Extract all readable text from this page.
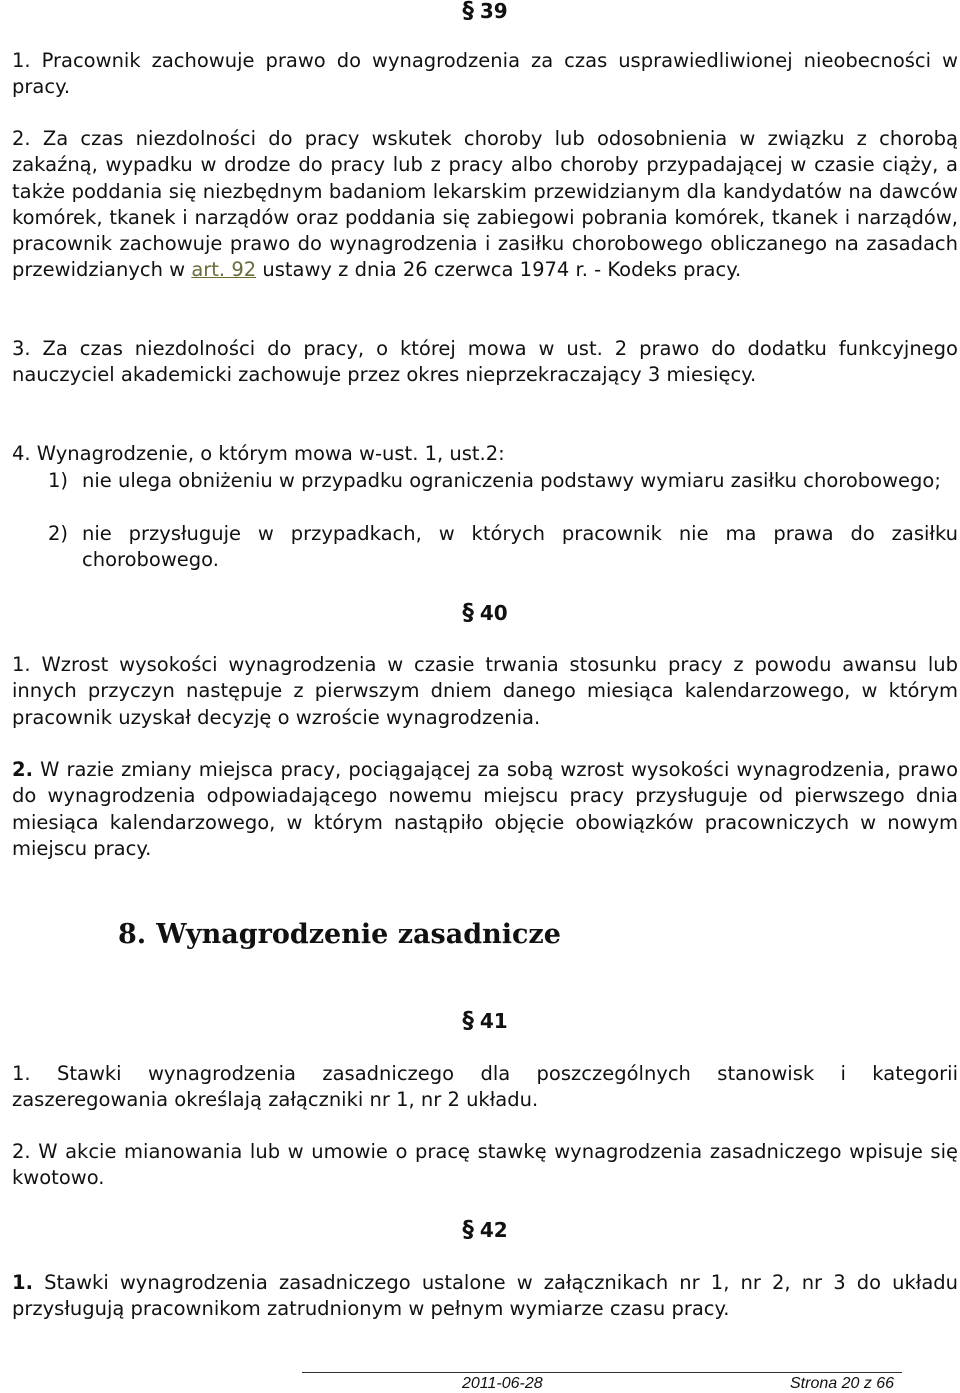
§ 39
1. Pracownik zachowuje prawo do wynagrodzenia za czas usprawiedliwionej nieobecności w pracy.
2. Za czas niezdolności do pracy wskutek choroby lub odosobnienia w związku z chorobą zakaźną, wypadku w drodze do pracy lub z pracy albo choroby przypadającej w czasie ciąży, a także poddania się niezbędnym badaniom lekarskim przewidzianym dla kandydatów na dawców komórek, tkanek i narządów oraz poddania się zabiegowi pobrania komórek, tkanek i narządów, pracownik zachowuje prawo do wynagrodzenia i zasiłku chorobowego obliczanego na zasadach przewidzianych w art. 92 ustawy z dnia 26 czerwca 1974 r. - Kodeks pracy.
3. Za czas niezdolności do pracy, o której mowa w ust. 2 prawo do dodatku funkcyjnego nauczyciel akademicki zachowuje przez okres nieprzekraczający 3 miesięcy.
4. Wynagrodzenie, o którym mowa w-ust. 1, ust.2:
1) nie ulega obniżeniu w przypadku ograniczenia podstawy wymiaru zasiłku chorobowego;
2) nie przysługuje w przypadkach, w których pracownik nie ma prawa do zasiłku chorobowego.
§ 40
1. Wzrost wysokości wynagrodzenia w czasie trwania stosunku pracy z powodu awansu lub innych przyczyn następuje z pierwszym dniem danego miesiąca kalendarzowego, w którym pracownik uzyskał decyzję o wzroście wynagrodzenia.
2. W razie zmiany miejsca pracy, pociągającej za sobą wzrost wysokości wynagrodzenia, prawo do wynagrodzenia odpowiadającego nowemu miejscu pracy przysługuje od pierwszego dnia miesiąca kalendarzowego, w którym nastąpiło objęcie obowiązków pracowniczych w nowym miejscu pracy.
8. Wynagrodzenie zasadnicze
§ 41
1. Stawki wynagrodzenia zasadniczego dla poszczególnych stanowisk i kategorii zaszeregowania określają załączniki nr 1, nr 2 układu.
2. W akcie mianowania lub w umowie o pracę stawkę wynagrodzenia zasadniczego wpisuje się kwotowo.
§ 42
1. Stawki wynagrodzenia zasadniczego ustalone w załącznikach nr 1, nr 2, nr 3 do układu przysługują pracownikom zatrudnionym w pełnym wymiarze czasu pracy.
2011-06-28	Strona 20 z 66
